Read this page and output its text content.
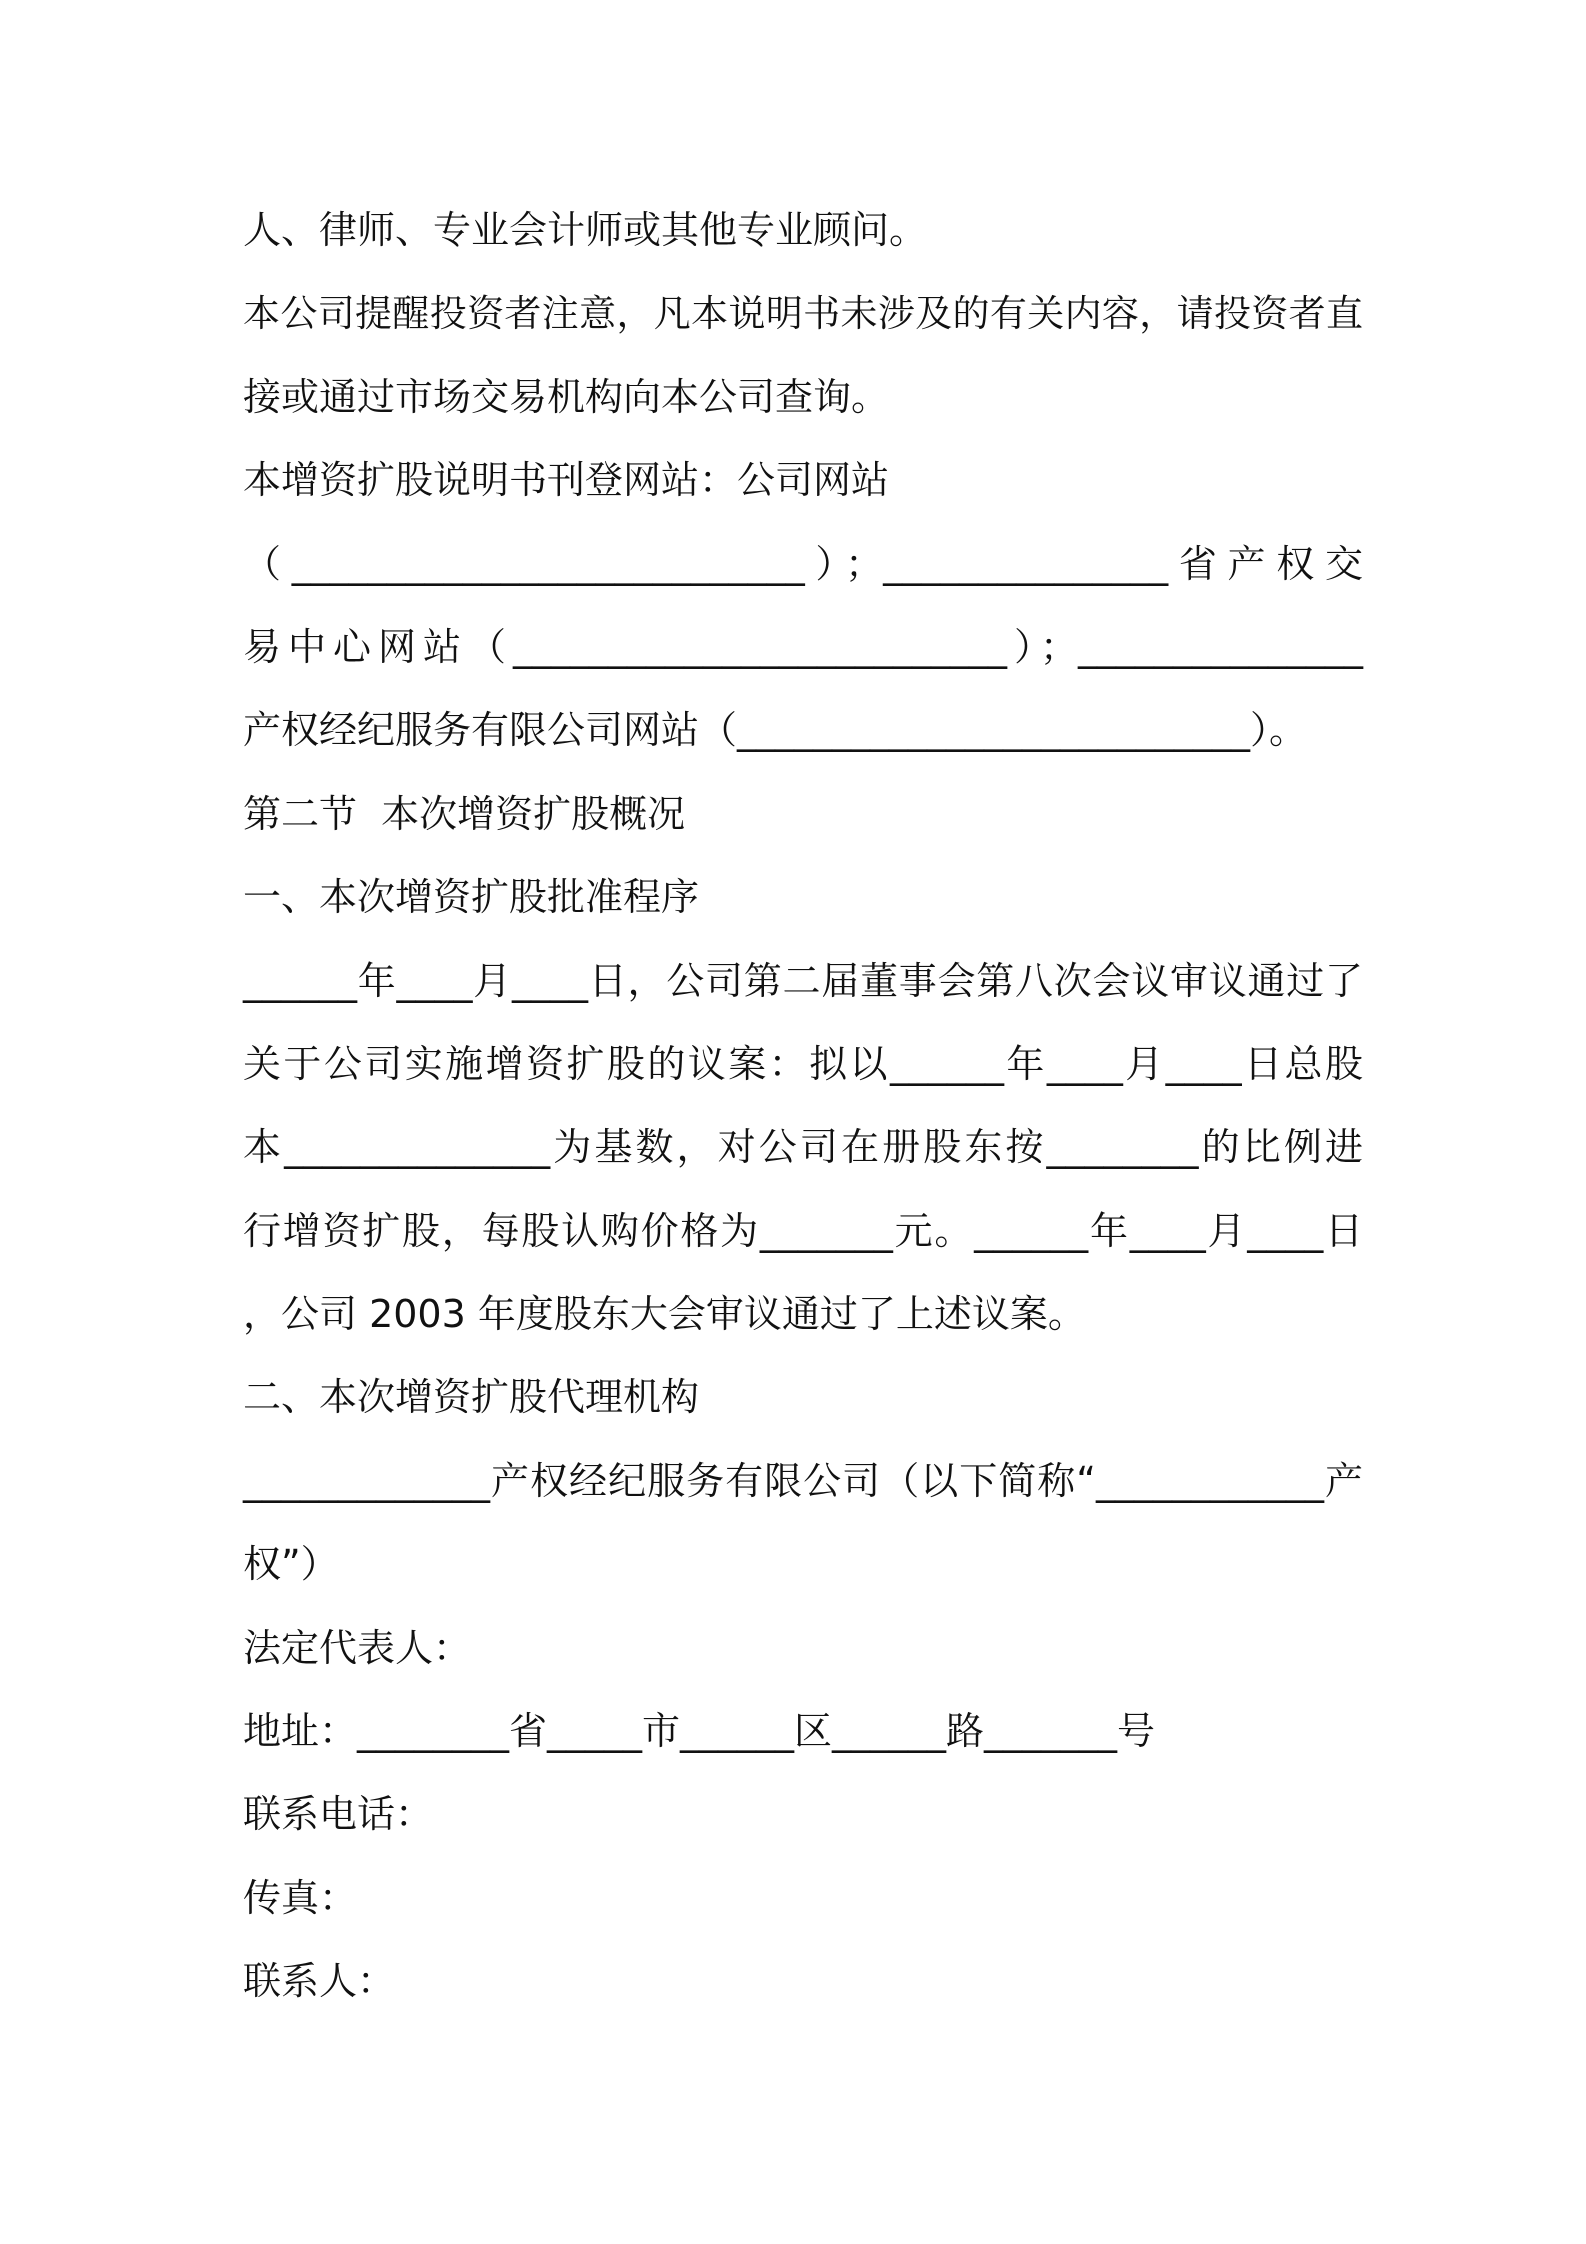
人、律师、专业会计师或其他专业顾问。

本公司提醒投资者注意，凡本说明书未涉及的有关内容，请投资者直

接或通过市场交易机构向本公司查询。

本增资扩股说明书刊登网站：公司网站

（___________________________）；_______________省产权交

易中心网站（__________________________）；_______________

产权经纪服务有限公司网站（___________________________）。

第二节  本次增资扩股概况

一、本次增资扩股批准程序

______年____月____日，公司第二届董事会第八次会议审议通过了

关于公司实施增资扩股的议案：拟以______年____月____日总股

本______________为基数，对公司在册股东按________的比例进

行增资扩股，每股认购价格为_______元。______年____月____日

，公司 2003 年度股东大会审议通过了上述议案。

二、本次增资扩股代理机构

_____________产权经纪服务有限公司（以下简称“____________产

权”）

法定代表人：

地址：________省_____市______区______路_______号

联系电话：

传真：

联系人：
